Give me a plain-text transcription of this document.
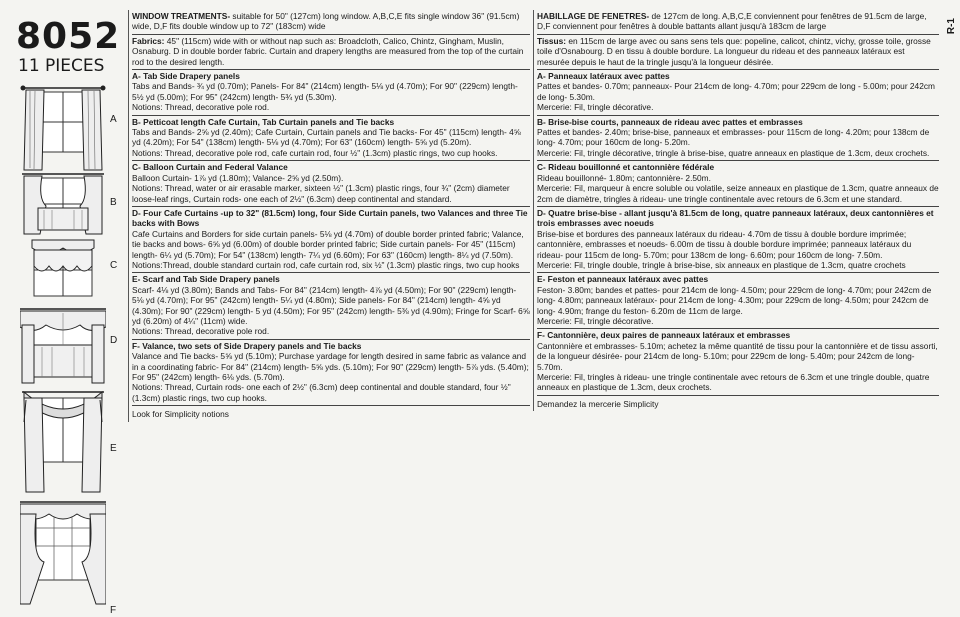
8052
11 PIECES
A
B
C
D
E
F

WINDOW TREATMENTS- suitable for 50" (127cm) long window. A,B,C,E fits single window 36" (91.5cm) wide, D,F fits double window up to 72" (183cm) wide

Fabrics: 45" (115cm) wide with or without nap such as: Broadcloth, Calico, Chintz, Gingham, Muslin, Osnaburg. D in double border fabric. Curtain and drapery lengths are measured from the top of the curtain rod to the desired length.

A- Tab Side Drapery panels

Tabs and Bands- ¾ yd (0.70m); Panels- For 84" (214cm) length- 5⅛ yd (4.70m); For 90" (229cm) length- 5½ yd (5.00m); For 95" (242cm) length- 5¾ yd (5.30m).

Notions: Thread, decorative pole rod.

B- Petticoat length Cafe Curtain, Tab Curtain panels and Tie backs

Tabs and Bands- 2⅝ yd (2.40m); Cafe Curtain, Curtain panels and Tie backs- For 45" (115cm) length- 4⅝ yd (4.20m); For 54" (138cm) length- 5⅛ yd (4.70m); For 63" (160cm) length- 5⅝ yd (5.20m).

Notions: Thread, decorative pole rod, cafe curtain rod, four ½" (1.3cm) plastic rings, two cup hooks.

C- Balloon Curtain and Federal Valance

Balloon Curtain- 1⅞ yd (1.80m); Valance- 2⅝ yd (2.50m).

Notions: Thread, water or air erasable marker, sixteen ½" (1.3cm) plastic rings, four ¾" (2cm) diameter loose-leaf rings, Curtain rods- one each of 2½" (6.3cm) deep continental and standard.

D- Four Cafe Curtains -up to 32" (81.5cm) long, four Side Curtain panels, two Valances and three Tie backs with Bows

Cafe Curtains and Borders for side curtain panels- 5⅛ yd (4.70m) of double border printed fabric; Valance, tie backs and bows- 6⅝ yd (6.00m) of double border printed fabric; Side curtain panels- For 45" (115cm) length- 6¼ yd (5.70m); For 54" (138cm) length- 7¼ yd (6.60m); For 63" (160cm) length- 8¼ yd (7.50m).

Notions:Thread, double standard curtain rod, cafe curtain rod, six ½" (1.3cm) plastic rings, two cup hooks

E- Scarf and Tab Side Drapery panels

Scarf- 4⅛ yd (3.80m); Bands and Tabs- For 84" (214cm) length- 4⅞ yd (4.50m); For 90" (229cm) length- 5⅛ yd (4.70m); For 95" (242cm) length- 5¼ yd (4.80m); Side panels- For 84" (214cm) length- 4⅝ yd (4.30m); For 90" (229cm) length- 5 yd (4.50m); For 95" (242cm) length- 5⅜ yd (4.90m); Fringe for Scarf- 6⅝ yd (6.20m) of 4¼" (11cm) wide.

Notions: Thread, decorative pole rod.

F- Valance, two sets of Side Drapery panels and Tie backs

Valance and Tie backs- 5⅝ yd (5.10m); Purchase yardage for length desired in same fabric as valance and in a coordinating fabric- For 84" (214cm) length- 5⅝ yds. (5.10m); For 90" (229cm) length- 5⅞ yds. (5.40m); For 95" (242cm) length- 6⅛ yds. (5.70m).

Notions: Thread, Curtain rods- one each of 2½" (6.3cm) deep continental and double standard, four ½" (1.3cm) plastic rings, two cup hooks.

Look for Simplicity notions

HABILLAGE DE FENETRES- de 127cm de long. A,B,C,E conviennent pour fenêtres de 91.5cm de large, D,F conviennent pour fenêtres à double battants allant jusqu'à 183cm de large

Tissus: en 115cm de large avec ou sans sens tels que: popeline, calicot, chintz, vichy, grosse toile, grosse toile d'Osnabourg. D en tissu à double bordure. La longueur du rideau et des panneaux latéraux est mesurée depuis le haut de la tringle jusqu'à la longueur désirée.

A- Panneaux latéraux avec pattes

Pattes et bandes- 0.70m; panneaux- Pour 214cm de long- 4.70m; pour 229cm de long - 5.00m; pour 242cm de long- 5.30m.

Mercerie: Fil, tringle décorative.

B- Brise-bise courts, panneaux de rideau avec pattes et embrasses

Pattes et bandes- 2.40m; brise-bise, panneaux et embrasses- pour 115cm de long- 4.20m; pour 138cm de long- 4.70m; pour 160cm de long- 5.20m.

Mercerie: Fil, tringle décorative, tringle à brise-bise, quatre anneaux en plastique de 1.3cm, deux crochets.

C- Rideau bouillonné et cantonnière fédérale

Rideau bouillonné- 1.80m; cantonnière- 2.50m.

Mercerie: Fil, marqueur à encre soluble ou volatile, seize anneaux en plastique de 1.3cm, quatre anneaux de 2cm de diamètre, tringles à rideau- une tringle continentale avec retours de 6.3cm et une standard.

D- Quatre brise-bise - allant jusqu'à 81.5cm de long, quatre panneaux latéraux, deux cantonnières et trois embrasses avec noeuds

Brise-bise et bordures des panneaux latéraux du rideau- 4.70m de tissu à double bordure imprimée; cantonnière, embrasses et noeuds- 6.00m de tissu à double bordure imprimée; panneaux latéraux du rideau- pour 115cm de long- 5.70m; pour 138cm de long- 6.60m; pour 160cm de long- 7.50m.

Mercerie: Fil, tringle double, tringle à brise-bise, six anneaux en plastique de 1.3cm, quatre crochets

E- Feston et panneaux latéraux avec pattes

Feston- 3.80m; bandes et pattes- pour 214cm de long- 4.50m; pour 229cm de long- 4.70m; pour 242cm de long- 4.80m; panneaux latéraux- pour 214cm de long- 4.30m; pour 229cm de long- 4.50m; pour 242cm de long- 4.90m; frange du feston- 6.20m de 11cm de large.

Mercerie: Fil, tringle décorative.

F- Cantonnière, deux paires de panneaux latéraux et embrasses

Cantonnière et embrasses- 5.10m; achetez la même quantité de tissu pour la cantonnière et de tissu assorti, de la longueur désirée- pour 214cm de long- 5.10m; pour 229cm de long- 5.40m; pour 242cm de long- 5.70m.

Mercerie: Fil, tringles à rideau- une tringle continentale avec retours de 6.3cm et une tringle double, quatre anneaux en plastique de 1.3cm, deux crochets.

Demandez la mercerie Simplicity

R-1
